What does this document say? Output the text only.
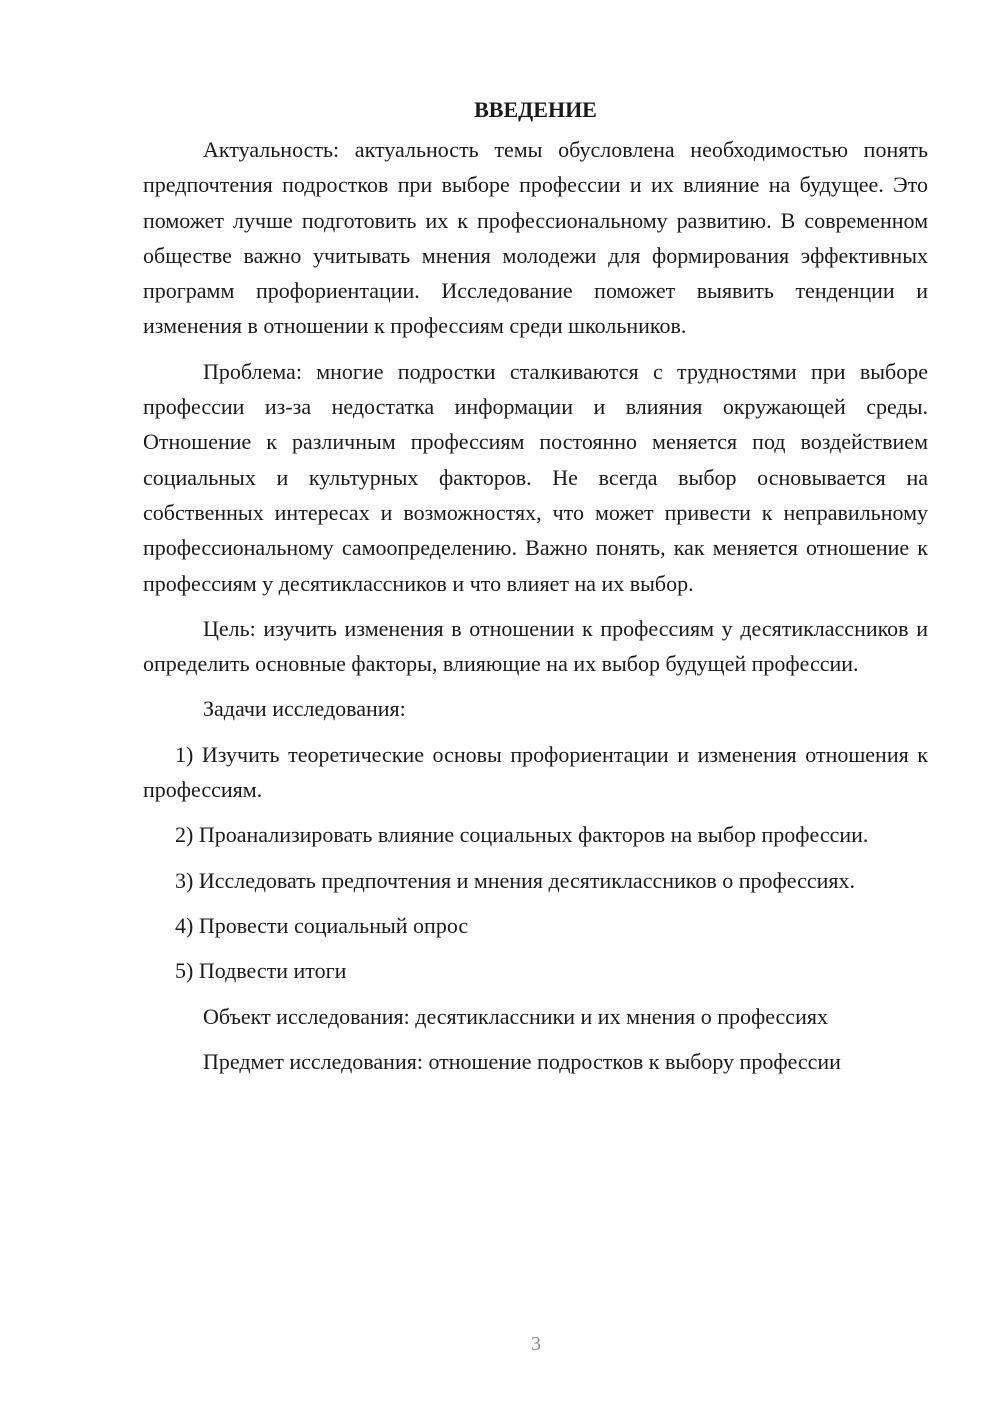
ВВЕДЕНИЕ

Актуальность: актуальность темы обусловлена необходимостью понять предпочтения подростков при выборе профессии и их влияние на будущее. Это поможет лучше подготовить их к профессиональному развитию. В современном обществе важно учитывать мнения молодежи для формирования эффективных программ профориентации. Исследование поможет выявить тенденции и изменения в отношении к профессиям среди школьников.

Проблема: многие подростки сталкиваются с трудностями при выборе профессии из-за недостатка информации и влияния окружающей среды. Отношение к различным профессиям постоянно меняется под воздействием социальных и культурных факторов. Не всегда выбор основывается на собственных интересах и возможностях, что может привести к неправильному профессиональному самоопределению. Важно понять, как меняется отношение к профессиям у десятиклассников и что влияет на их выбор.

Цель: изучить изменения в отношении к профессиям у десятиклассников и определить основные факторы, влияющие на их выбор будущей профессии.

Задачи исследования:

1) Изучить теоретические основы профориентации и изменения отношения к профессиям.

2) Проанализировать влияние социальных факторов на выбор профессии.

3) Исследовать предпочтения и мнения десятиклассников о профессиях.

4) Провести социальный опрос

5) Подвести итоги

Объект исследования: десятиклассники и их мнения о профессиях

Предмет исследования: отношение подростков к выбору профессии

3
